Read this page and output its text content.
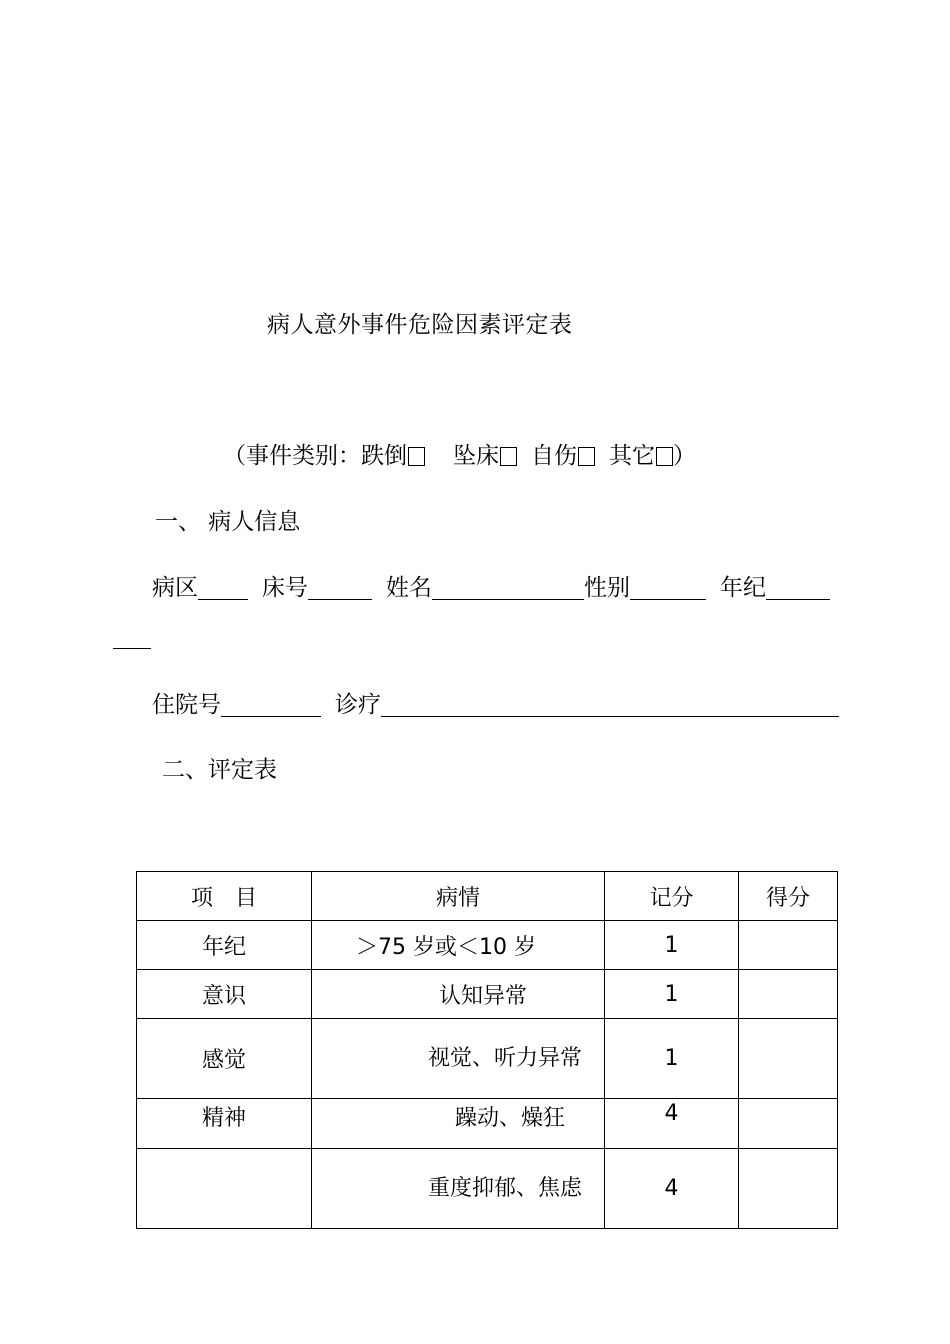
病人意外事件危险因素评定表
（事件类别：跌倒 坠床 自伤 其它 ）
一、 病人信息
病区	床号	姓名	性别	年纪
住院号	诊疗
二、评定表
项　目	病情	记分	得分
年纪	＞75 岁或＜10 岁	1	
意识	认知异常	1	
感觉	视觉、听力异常	1	
精神	躁动、燥狂	4	
	重度抑郁、焦虑	4	
